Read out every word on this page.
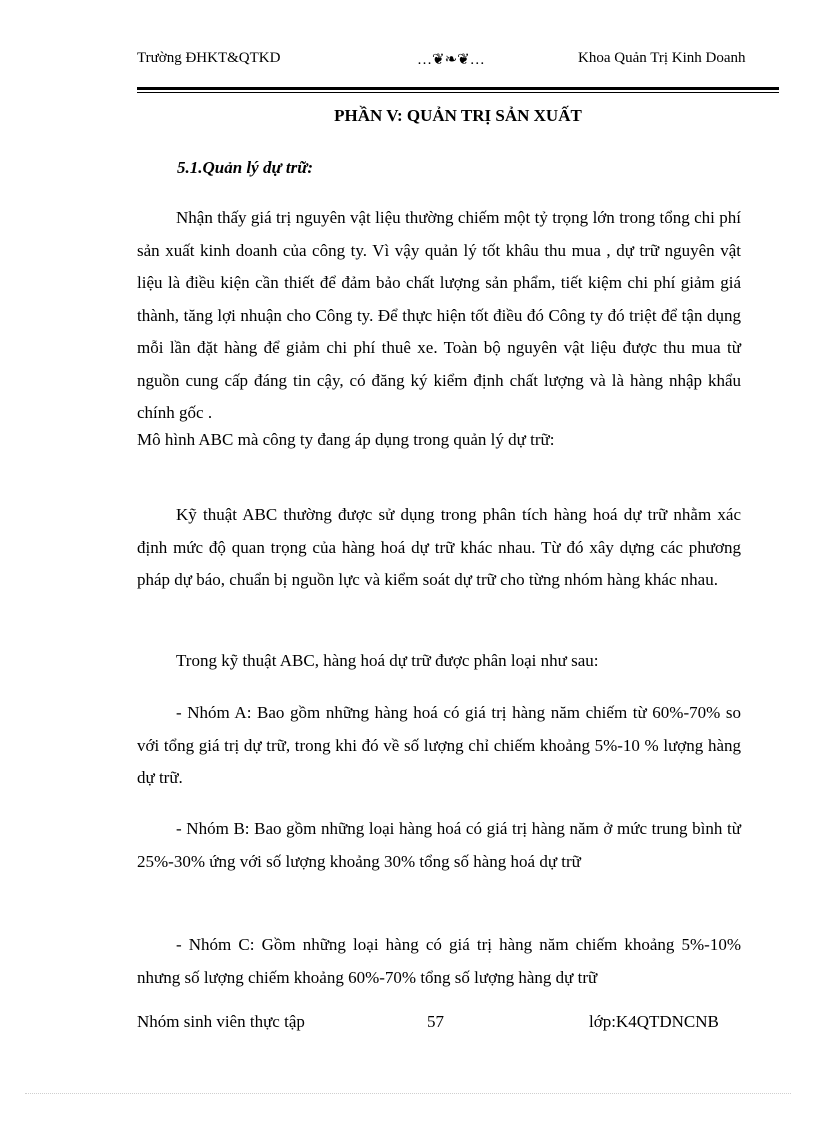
Trường ĐHKT&QTKD	…❦❧❦…	Khoa Quản Trị Kinh Doanh
PHẦN V: QUẢN TRỊ SẢN XUẤT
5.1.Quản lý dự trữ:

Nhận thấy giá trị nguyên vật liệu thường chiếm một tỷ trọng lớn trong tổng chi phí sản xuất kinh doanh của công ty. Vì vậy quản lý tốt khâu thu mua , dự trữ nguyên vật liệu là điều kiện cần thiết để đảm bảo chất lượng sản phẩm, tiết kiệm chi phí giảm giá thành, tăng lợi nhuận cho Công ty. Để thực hiện tốt điều đó Công ty đó triệt để tận dụng mỗi lần đặt hàng để giảm chi phí thuê xe. Toàn bộ nguyên vật liệu được thu mua từ nguồn cung cấp đáng tin cậy, có đăng ký kiểm định chất lượng và là hàng nhập khẩu chính gốc .

Mô hình ABC mà công ty đang áp dụng trong quản lý dự trữ:

Kỹ thuật ABC thường được sử dụng trong phân tích hàng hoá dự trữ nhằm xác định mức độ quan trọng của hàng hoá dự trữ khác nhau. Từ đó xây dựng các phương pháp dự báo, chuẩn bị nguồn lực và kiểm soát dự trữ cho từng nhóm hàng khác nhau.

Trong kỹ thuật ABC, hàng hoá dự trữ được phân loại như sau:

- Nhóm A: Bao gồm những hàng hoá có giá trị hàng năm chiếm từ 60%-70% so với tổng giá trị dự trữ, trong khi đó về số lượng chỉ chiếm khoảng 5%-10 % lượng hàng dự trữ.

- Nhóm B: Bao gồm những loại hàng hoá có giá trị hàng năm ở mức trung bình từ 25%-30% ứng với số lượng khoảng 30% tổng số hàng hoá dự trữ

- Nhóm C: Gồm những loại hàng có giá trị hàng năm chiếm khoảng 5%-10% nhưng số lượng chiếm khoảng 60%-70% tổng số lượng hàng dự trữ

Nhóm sinh viên thực tập	57	lớp:K4QTDNCNB
